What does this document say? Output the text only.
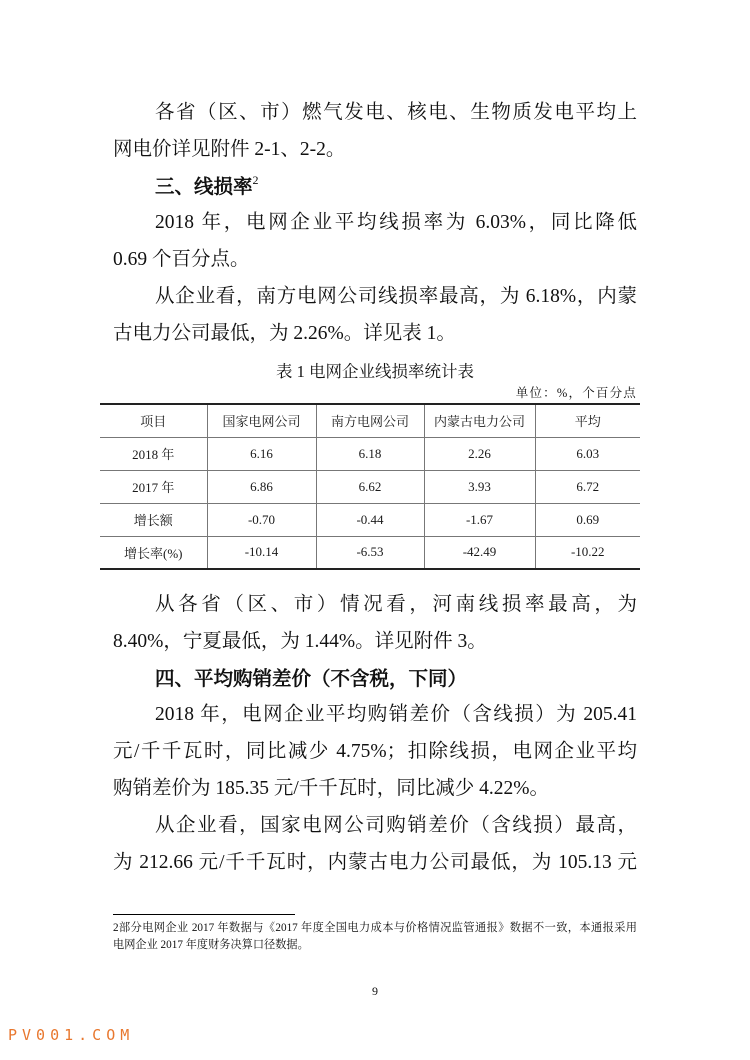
各省（区、市）燃气发电、核电、生物质发电平均上
网电价详见附件 2-1、2-2。
三、线损率$^2$
2018 年，电网企业平均线损率为 6.03%，同比降低
0.69 个百分点。
从企业看，南方电网公司线损率最高，为 6.18%，内蒙
古电力公司最低，为 2.26%。详见表 1。
表 1 电网企业线损率统计表
单位：%，个百分点
项目	国家电网公司	南方电网公司	内蒙古电力公司	平均
2018 年	6.16	6.18	2.26	6.03
2017 年	6.86	6.62	3.93	6.72
增长额	-0.70	-0.44	-1.67	0.69
增长率(%)	-10.14	-6.53	-42.49	-10.22
从各省（区、市）情况看，河南线损率最高，为
8.40%，宁夏最低，为 1.44%。详见附件 3。
四、平均购销差价（不含税，下同）
2018 年，电网企业平均购销差价（含线损）为 205.41
元/千千瓦时，同比减少 4.75%；扣除线损，电网企业平均
购销差价为 185.35 元/千千瓦时，同比减少 4.22%。
从企业看，国家电网公司购销差价（含线损）最高，
为 212.66 元/千千瓦时，内蒙古电力公司最低，为 105.13 元
2部分电网企业 2017 年数据与《2017 年度全国电力成本与价格情况监管通报》数据不一致，本通报采用
电网企业 2017 年度财务决算口径数据。
9
PV001.COM
